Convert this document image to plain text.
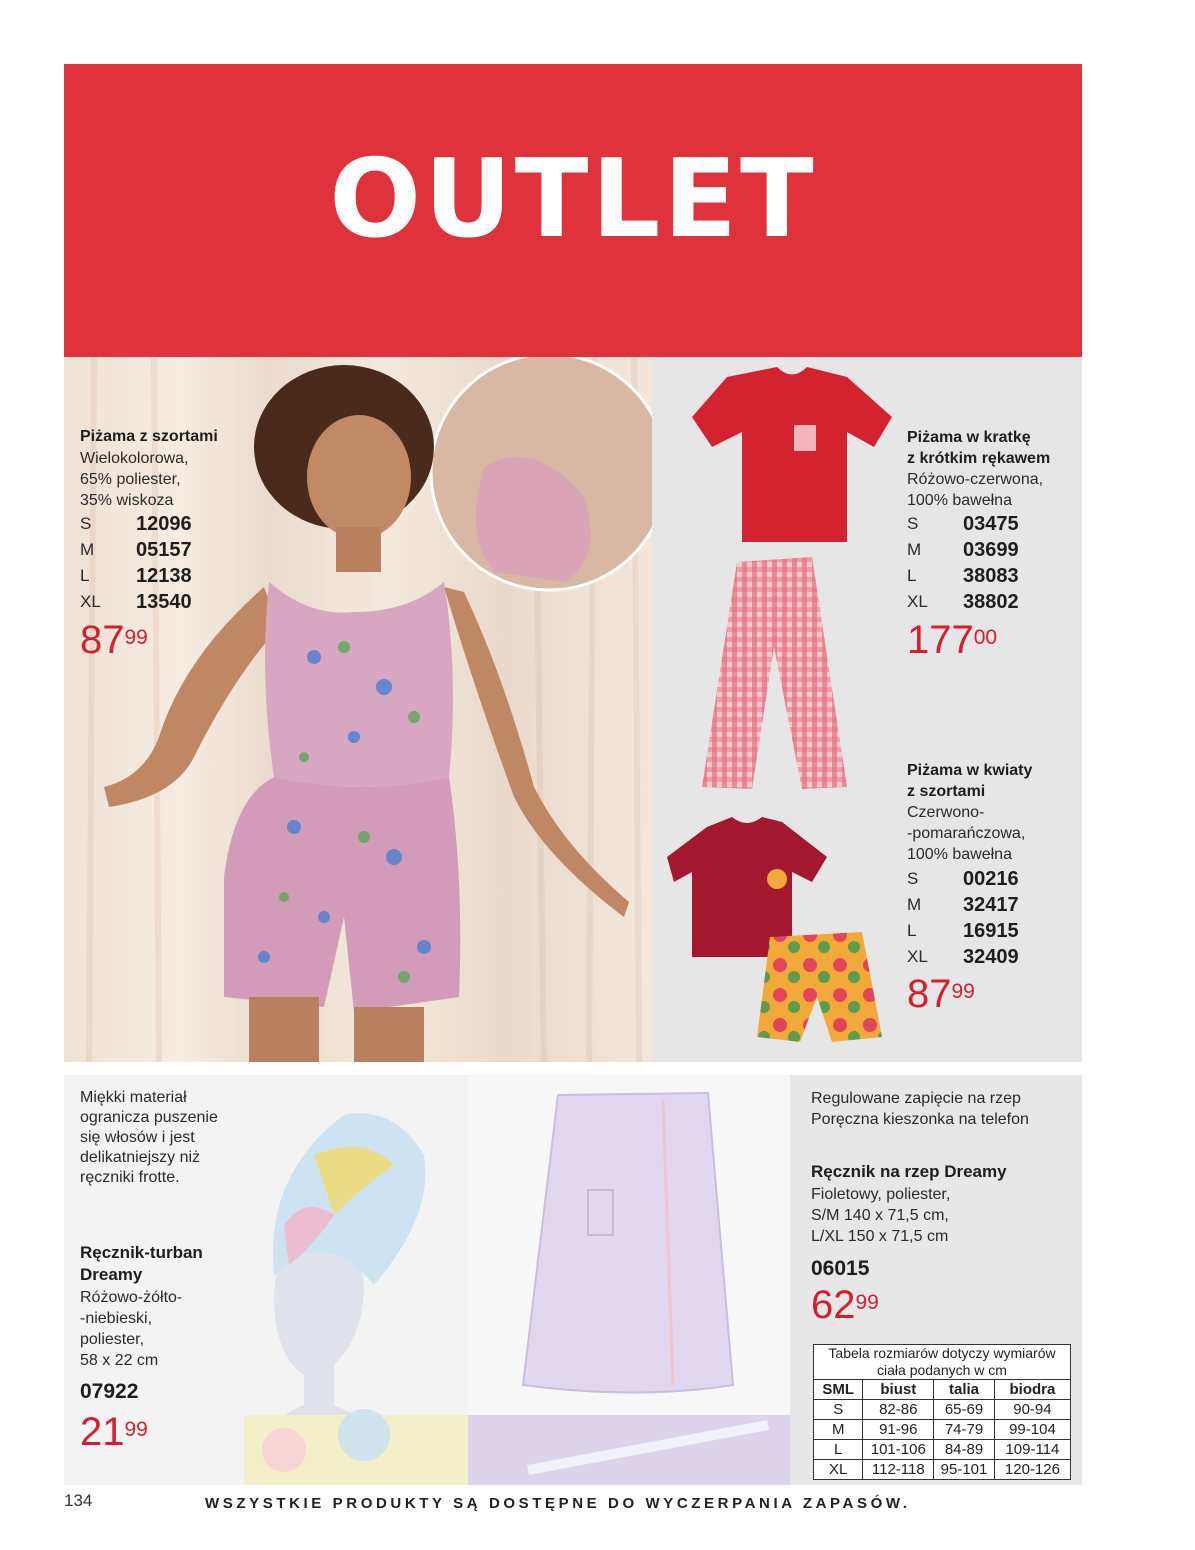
OUTLET
Piżama z szortami
Wielokolorowa,
65% poliester,
35% wiskoza
S	12096
M	05157
L	12138
XL	13540
$87^{99}$
Piżama w kratkę
z krótkim rękawem
Różowo-czerwona,
100% bawełna
S	03475
M	03699
L	38083
XL	38802
$177^{00}$
Piżama w kwiaty
z szortami
Czerwono-
-pomarańczowa,
100% bawełna
S	00216
M	32417
L	16915
XL	32409
$87^{99}$
Miękki materiał
ogranicza puszenie
się włosów i jest
delikatniejszy niż
ręczniki frotte.
Ręcznik-turban
Dreamy
Różowo-żółto-
-niebieski,
poliester,
58 x 22 cm
07922
$21^{99}$
Regulowane zapięcie na rzep
Poręczna kieszonka na telefon
Ręcznik na rzep Dreamy
Fioletowy, poliester,
S/M 140 x 71,5 cm,
L/XL 150 x 71,5 cm
06015
$62^{99}$
Tabela rozmiarów dotyczy wymiarów ciała podanych w cm			
SML	biust	talia	biodra
S	82-86	65-69	90-94
M	91-96	74-79	99-104
L	101-106	84-89	109-114
XL	112-118	95-101	120-126
134	WSZYSTKIE PRODUKTY SĄ DOSTĘPNE DO WYCZERPANIA ZAPASÓW.
